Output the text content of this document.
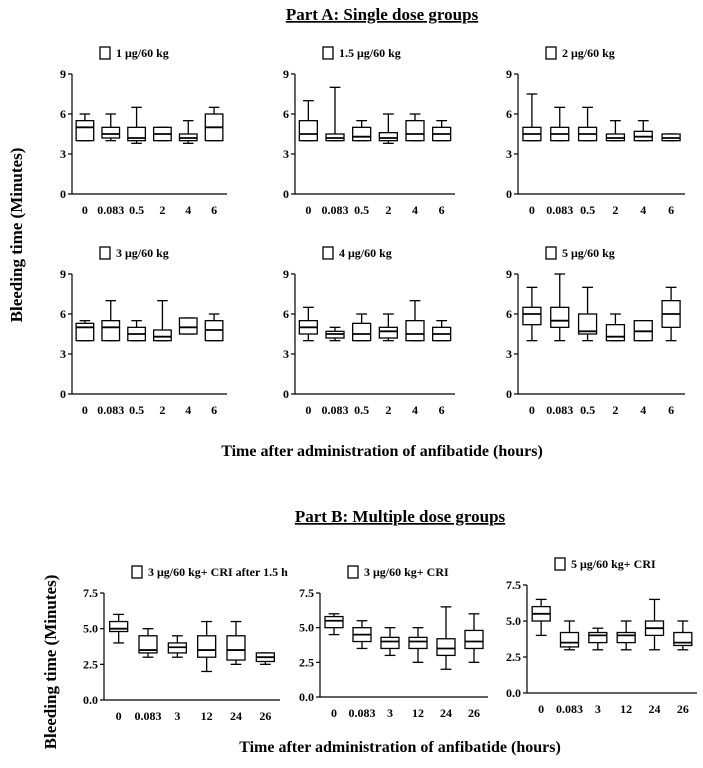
Part A: Single dose groups
Part B: Multiple dose groups
Bleeding time (Minutes)
Time after administration of anfibatide (hours)
Bleeding time (Minutes)	Time after administration of anfibatide (hours)
0
3
6
9
0 0.083 0.5 2 4 6
1 μg/60 kg
0
3
6
9
0 0.083 0.5 2 4 6
1.5 μg/60 kg
0
3
6
9
0 0.083 0.5 2 4 6
2 μg/60 kg
0
3
6
9
0 0.083 0.5 2 4 6
3 μg/60 kg
0
3
6
9
0 0.083 0.5 2 4 6
4 μg/60 kg
0
3
6
9
0 0.083 0.5 2 4 6
5 μg/60 kg
0.0
2.5
5.0
7.5
0 0.083 3 12 24 26
3 μg/60 kg+ CRI after 1.5 h
0.0
2.5
5.0
7.5
0 0.083 3 12 24 26
3 μg/60 kg+ CRI
0.0
2.5
5.0
7.5
0 0.083 3 12 24 26
5 μg/60 kg+ CRI
